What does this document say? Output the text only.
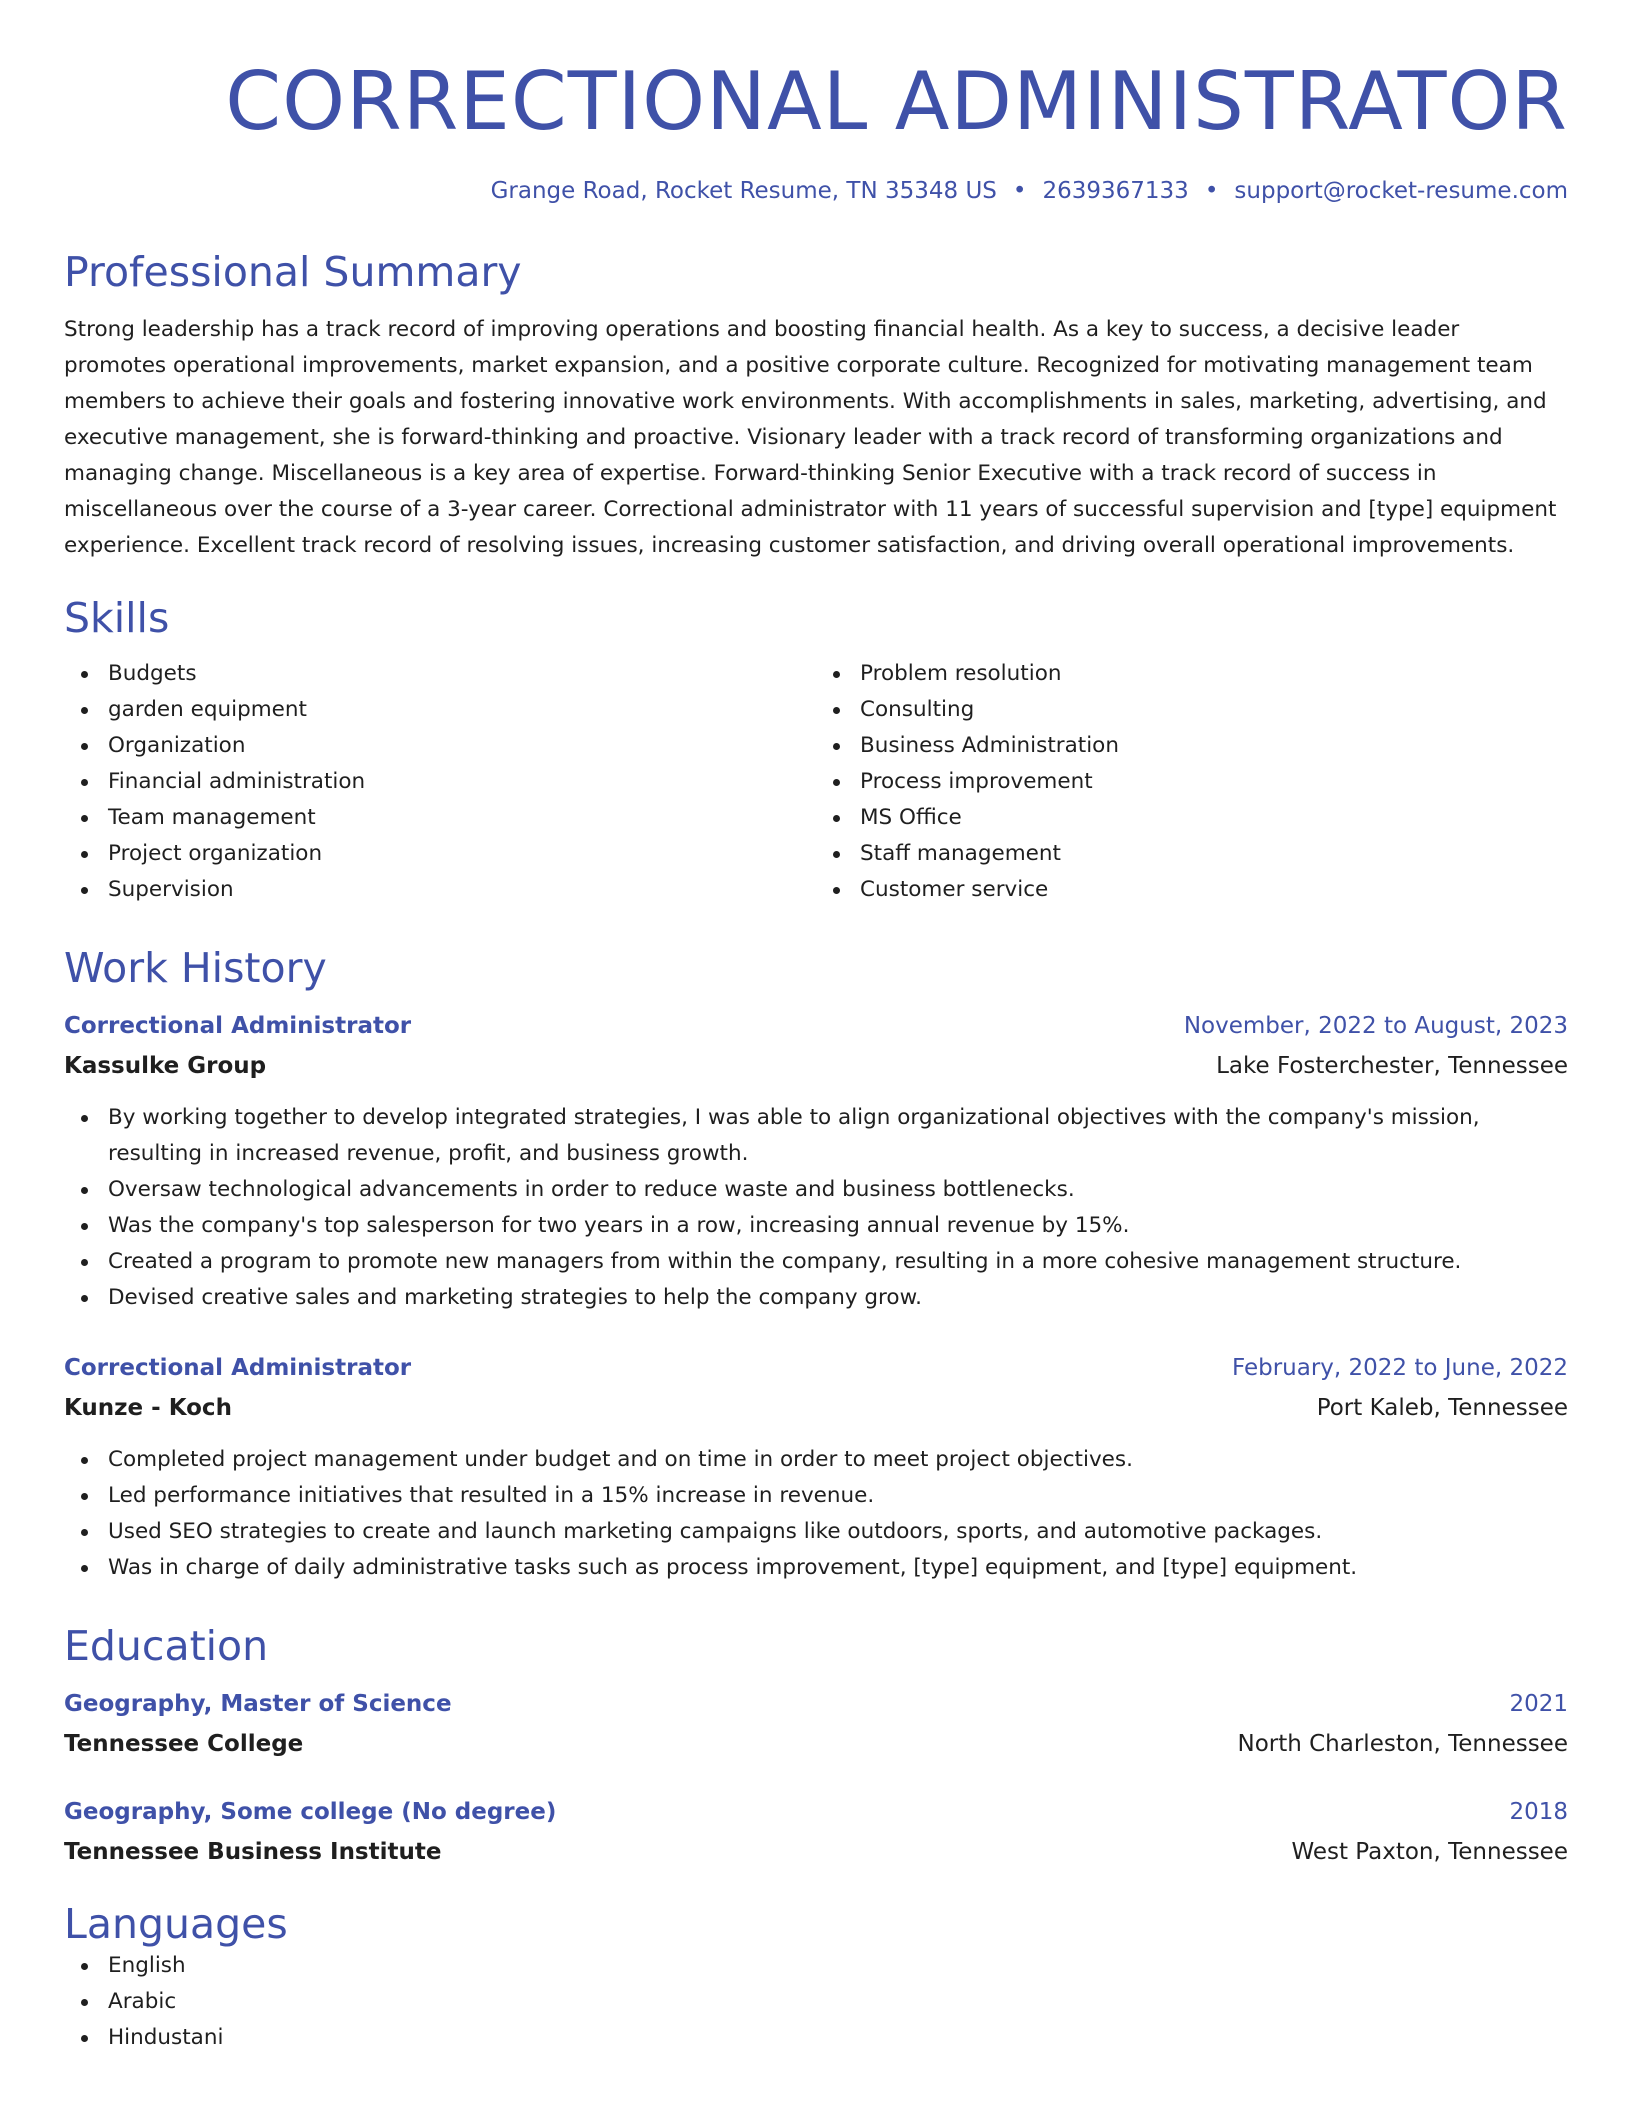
CORRECTIONAL ADMINISTRATOR
Grange Road, Rocket Resume, TN 35348 US • 2639367133 • support@rocket-resume.com
Professional Summary

Strong leadership has a track record of improving operations and boosting financial health. As a key to success, a decisive leader promotes operational improvements, market expansion, and a positive corporate culture. Recognized for motivating management team members to achieve their goals and fostering innovative work environments. With accomplishments in sales, marketing, advertising, and executive management, she is forward-thinking and proactive. Visionary leader with a track record of transforming organizations and managing change. Miscellaneous is a key area of expertise. Forward-thinking Senior Executive with a track record of success in miscellaneous over the course of a 3-year career. Correctional administrator with 11 years of successful supervision and [type] equipment experience. Excellent track record of resolving issues, increasing customer satisfaction, and driving overall operational improvements.

Skills
Budgets
garden equipment
Organization
Financial administration
Team management
Project organization
Supervision
Problem resolution
Consulting
Business Administration
Process improvement
MS Office
Staff management
Customer service
Work History
Correctional Administrator	November, 2022 to August, 2023
Kassulke Group	Lake Fosterchester, Tennessee
By working together to develop integrated strategies, I was able to align organizational objectives with the company's mission, resulting in increased revenue, profit, and business growth.
Oversaw technological advancements in order to reduce waste and business bottlenecks.
Was the company's top salesperson for two years in a row, increasing annual revenue by 15%.
Created a program to promote new managers from within the company, resulting in a more cohesive management structure.
Devised creative sales and marketing strategies to help the company grow.
Correctional Administrator	February, 2022 to June, 2022
Kunze - Koch	Port Kaleb, Tennessee
Completed project management under budget and on time in order to meet project objectives.
Led performance initiatives that resulted in a 15% increase in revenue.
Used SEO strategies to create and launch marketing campaigns like outdoors, sports, and automotive packages.
Was in charge of daily administrative tasks such as process improvement, [type] equipment, and [type] equipment.
Education
Geography, Master of Science	2021
Tennessee College	North Charleston, Tennessee
Geography, Some college (No degree)	2018
Tennessee Business Institute	West Paxton, Tennessee
Languages
English
Arabic
Hindustani
